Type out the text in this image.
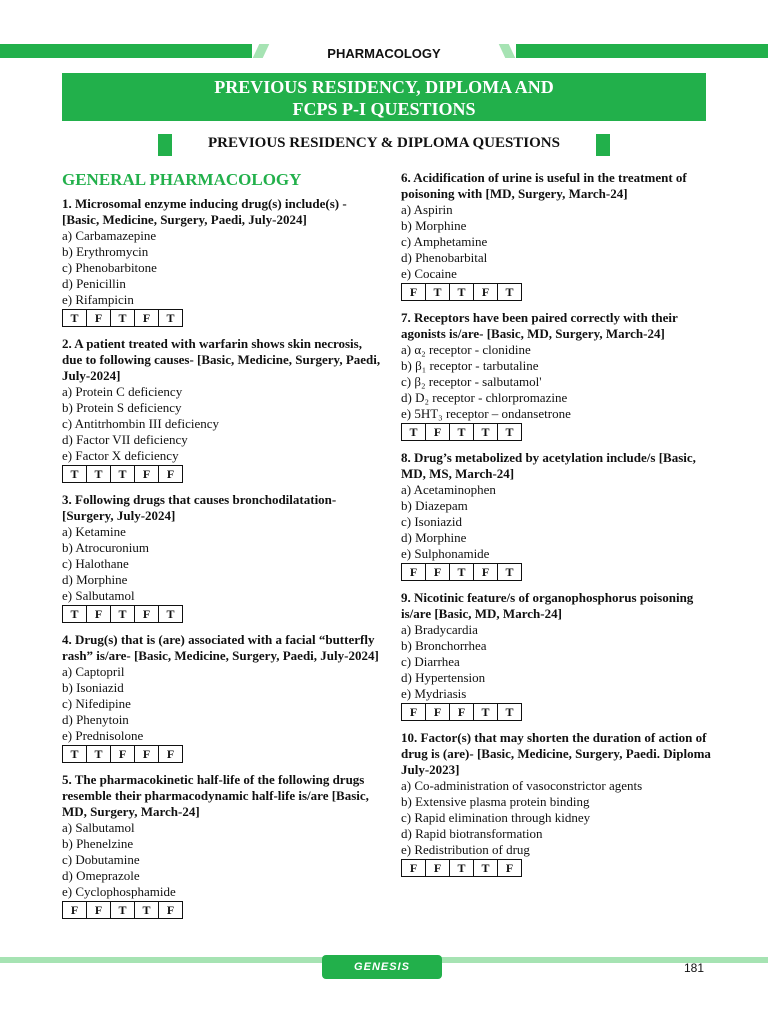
PHARMACOLOGY
PREVIOUS RESIDENCY, DIPLOMA AND
FCPS P-I QUESTIONS
PREVIOUS RESIDENCY & DIPLOMA QUESTIONS
GENERAL PHARMACOLOGY
1. Microsomal enzyme inducing drug(s) include(s) - [Basic, Medicine, Surgery, Paedi, July-2024]
a) Carbamazepine
b) Erythromycin
c) Phenobarbitone
d) Penicillin
e) Rifampicin
T	F	T	F	T
2. A patient treated with warfarin shows skin necrosis, due to following causes- [Basic, Medicine, Surgery, Paedi, July-2024]
a) Protein C deficiency
b) Protein S deficiency
c) Antitrhombin III deficiency
d) Factor VII deficiency
e) Factor X deficiency
T	T	T	F	F
3. Following drugs that causes bronchodilatation- [Surgery, July-2024]
a) Ketamine
b) Atrocuronium
c) Halothane
d) Morphine
e) Salbutamol
T	F	T	F	T
4. Drug(s) that is (are) associated with a facial “butterfly rash” is/are- [Basic, Medicine, Surgery, Paedi, July-2024]
a) Captopril
b) Isoniazid
c) Nifedipine
d) Phenytoin
e) Prednisolone
T	T	F	F	F
5. The pharmacokinetic half-life of the following drugs resemble their pharmacodynamic half-life is/are [Basic, MD, Surgery, March-24]
a) Salbutamol
b) Phenelzine
c) Dobutamine
d) Omeprazole
e) Cyclophosphamide
F	F	T	T	F
6. Acidification of urine is useful in the treatment of poisoning with [MD, Surgery, March-24]
a) Aspirin
b) Morphine
c) Amphetamine
d) Phenobarbital
e) Cocaine
F	T	T	F	T
7. Receptors have been paired correctly with their agonists is/are- [Basic, MD, Surgery, March-24]
a) α₂ receptor - clonidine
b) β₁ receptor - tarbutaline
c) β₂ receptor - salbutamol'
d) D₂ receptor - chlorpromazine
e) 5HT₃ receptor – ondansetrone
T	F	T	T	T
8. Drug’s metabolized by acetylation include/s [Basic, MD, MS, March-24]
a) Acetaminophen
b) Diazepam
c) Isoniazid
d) Morphine
e) Sulphonamide
F	F	T	F	T
9. Nicotinic feature/s of organophosphorus poisoning is/are [Basic, MD, March-24]
a) Bradycardia
b) Bronchorrhea
c) Diarrhea
d) Hypertension
e) Mydriasis
F	F	F	T	T
10. Factor(s) that may shorten the duration of action of drug is (are)- [Basic, Medicine, Surgery, Paedi. Diploma July-2023]
a) Co-administration of vasoconstrictor agents
b) Extensive plasma protein binding
c) Rapid elimination through kidney
d) Rapid biotransformation
e) Redistribution of drug
F	F	T	T	F
GENESIS	181
